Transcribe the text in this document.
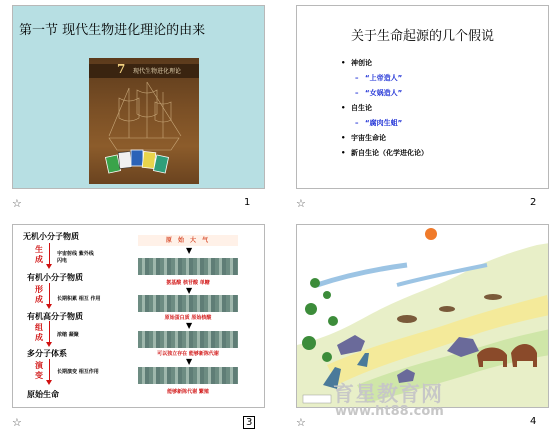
第一节 现代生物进化理论的由来
7 现代生物进化理论
☆	1
关于生命起源的几个假说
• 神创论
– “上帝造人”
– “女娲造人”
• 自生论
– “腐肉生蛆”
• 宇宙生命论
• 新自生论（化学进化论）
☆	2
无机小分子物质
生
成
宇宙射线 紫外线 闪电
有机小分子物质
形
成	长期积累 相互 作用
有机高分子物质
组
成	浓缩 凝聚
多分子体系
演
变	长期演变 相互作用
原始生命
原 始 大 气
▼
氨基酸 核苷酸 单糖
▼
原始蛋白质 原始核酸
▼
可以独立存在 能够新陈代谢
▼
能够新陈代谢 繁殖
☆	3	☆	4
育星教育网
www.ht88.com
